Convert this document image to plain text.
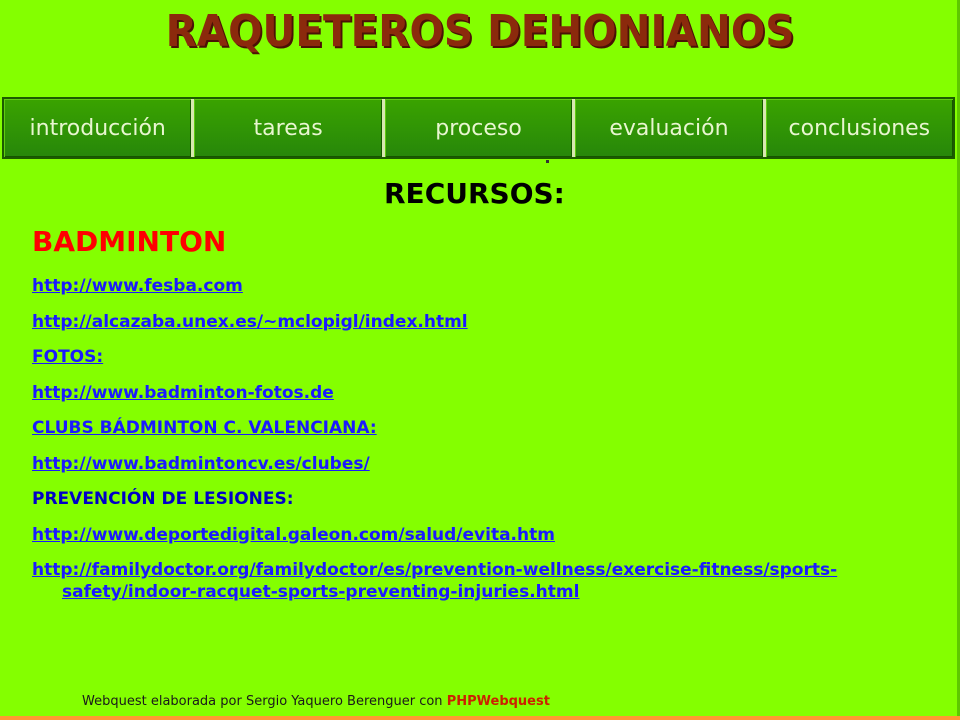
RAQUETEROS DEHONIANOS
introducción	tareas	proceso	evaluación	conclusiones
RECURSOS:
BADMINTON
http://www.fesba.com
http://alcazaba.unex.es/~mclopigl/index.html
FOTOS:
http://www.badminton-fotos.de
CLUBS BÁDMINTON C. VALENCIANA:
http://www.badmintoncv.es/clubes/
PREVENCIÓN DE LESIONES:
http://www.deportedigital.galeon.com/salud/evita.htm
http://familydoctor.org/familydoctor/es/prevention-wellness/exercise-fitness/sports-safety/indoor-racquet-sports-preventing-injuries.html
Webquest elaborada por Sergio Yaquero Berenguer con PHPWebquest
